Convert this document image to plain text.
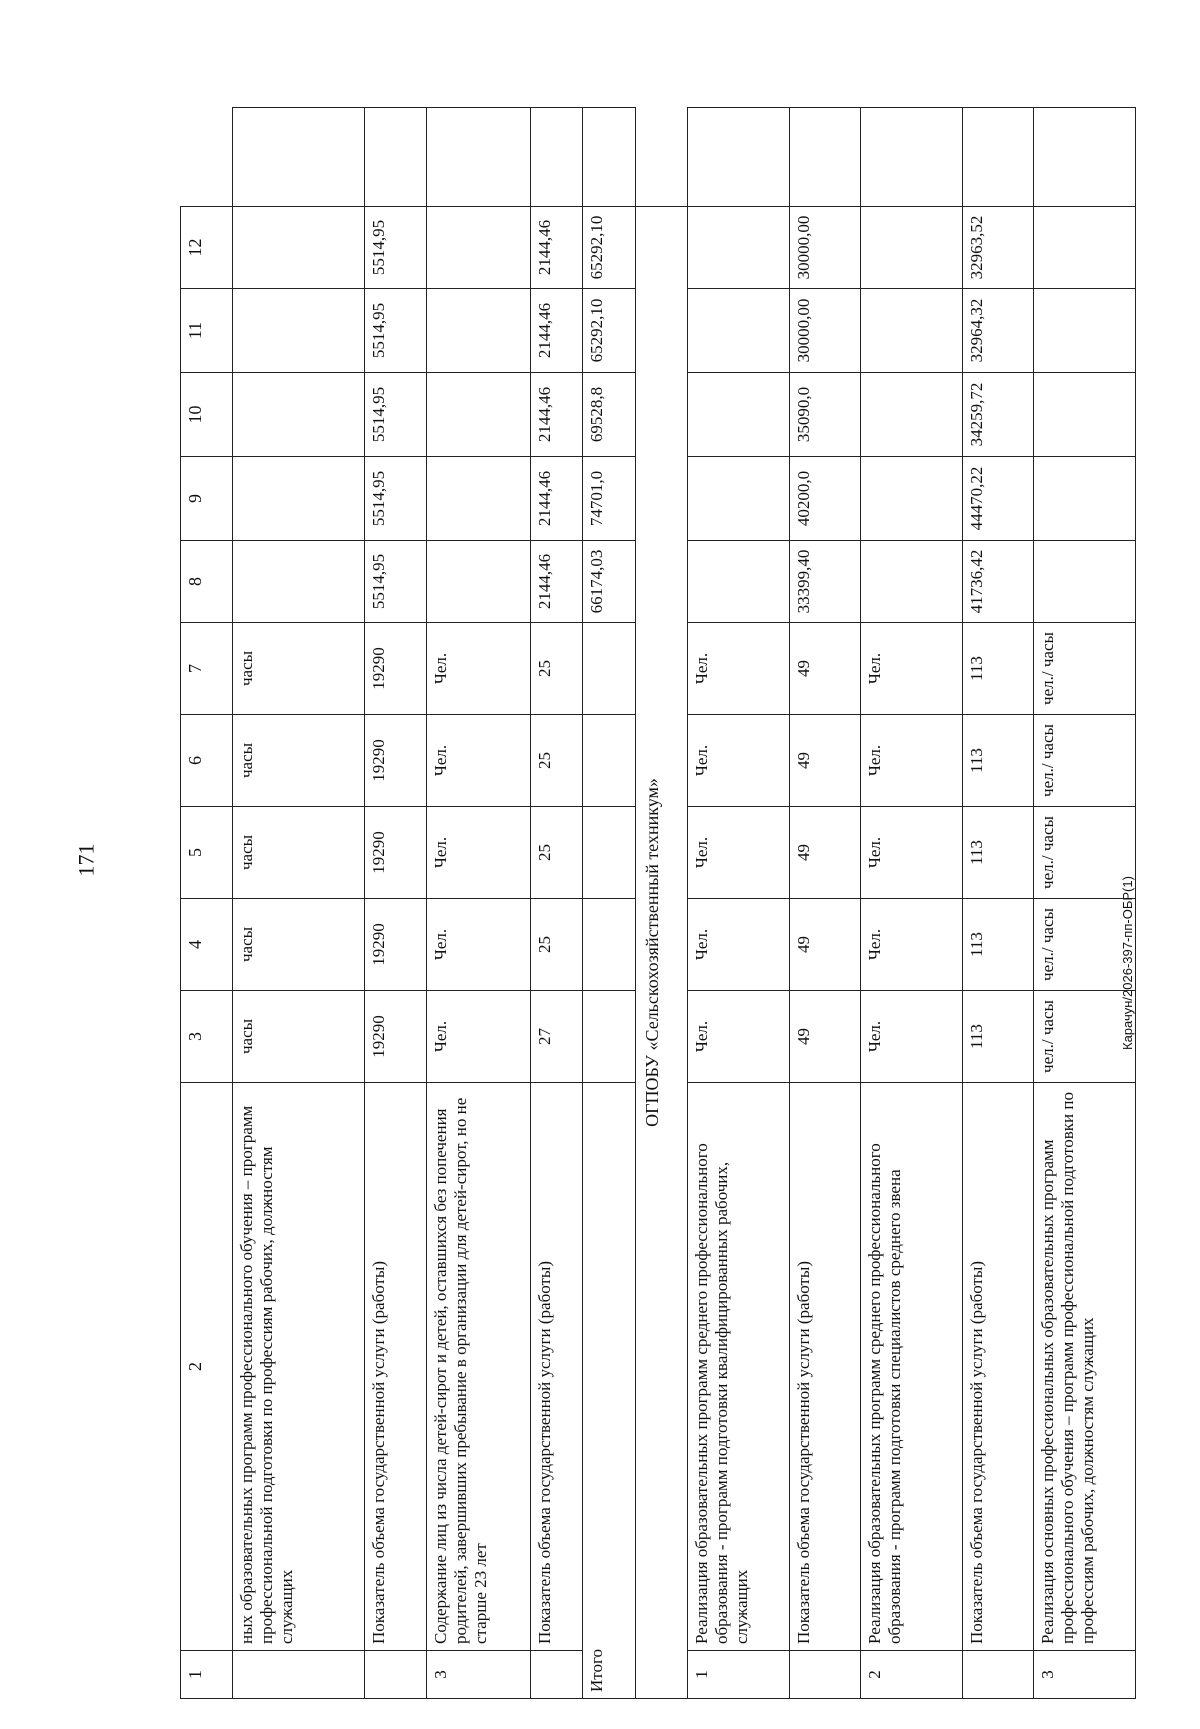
171
1	2	3	4	5	6	7	8	9	10	11	12	
	ных образовательных программ профессионального обучения – программ профессиональной подготовки по профессиям рабочих, должностям служащих	часы	часы	часы	часы	часы						
	Показатель объема государственной услуги (работы)	19290	19290	19290	19290	19290	5514,95	5514,95	5514,95	5514,95	5514,95	
3	Содержание лиц из числа детей-сирот и детей, оставшихся без попечения родителей, завершивших пребывание в организации для детей-сирот, но не старше 23 лет	Чел.	Чел.	Чел.	Чел.	Чел.						
	Показатель объема государственной услуги (работы)	27	25	25	25	25	2144,46	2144,46	2144,46	2144,46	2144,46	
Итого							66174,03	74701,0	69528,8	65292,10	65292,10	
ОГПОБУ «Сельскохозяйственный техникум»												
1	Реализация образовательных программ среднего профессионального образования - программ подготовки квалифицированных рабочих, служащих	Чел.	Чел.	Чел.	Чел.	Чел.						
	Показатель объема государственной услуги (работы)	49	49	49	49	49	33399,40	40200,0	35090,0	30000,00	30000,00	
2	Реализация образовательных программ среднего профессионального образования - программ подготовки специалистов среднего звена	Чел.	Чел.	Чел.	Чел.	Чел.						
	Показатель объема государственной услуги (работы)	113	113	113	113	113	41736,42	44470,22	34259,72	32964,32	32963,52	
3	Реализация основных профессиональных образовательных программ профессионального обучения – программ профессиональной подготовки по профессиям рабочих, должностям служащих	чел./ часы	чел./ часы	чел./ часы	чел./ часы	чел./ часы						
Карачун/2026-397-пп-ОБР(1)
